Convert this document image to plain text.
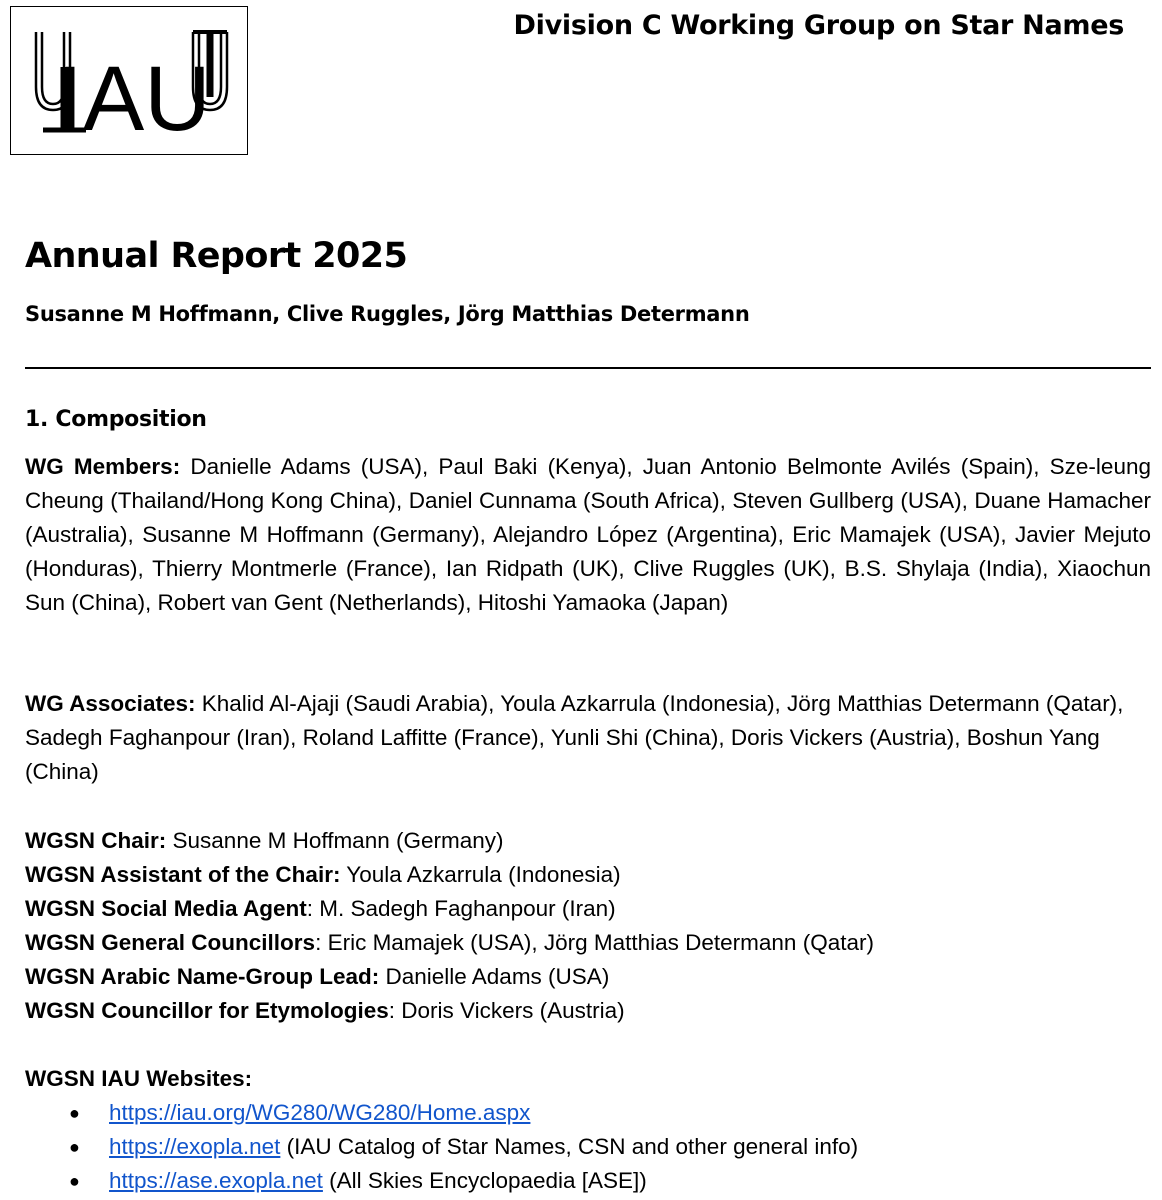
IAU
Division C Working Group on Star Names
Annual Report 2025
Susanne M Hoffmann, Clive Ruggles, Jörg Matthias Determann
1. Composition
WG Members: Danielle Adams (USA), Paul Baki (Kenya), Juan Antonio Belmonte Avilés (Spain), Sze-leung Cheung (Thailand/Hong Kong China), Daniel Cunnama (South Africa), Steven Gullberg (USA), Duane Hamacher (Australia), Susanne M Hoffmann (Germany), Alejandro López (Argentina), Eric Mamajek (USA), Javier Mejuto (Honduras), Thierry Montmerle (France), Ian Ridpath (UK), Clive Ruggles (UK), B.S. Shylaja (India), Xiaochun Sun (China), Robert van Gent (Netherlands), Hitoshi Yamaoka (Japan)
WG Associates: Khalid Al-Ajaji (Saudi Arabia), Youla Azkarrula (Indonesia), Jörg Matthias Determann (Qatar), Sadegh Faghanpour (Iran), Roland Laffitte (France), Yunli Shi (China), Doris Vickers (Austria), Boshun Yang (China)
WGSN Chair: Susanne M Hoffmann (Germany)
WGSN Assistant of the Chair: Youla Azkarrula (Indonesia)
WGSN Social Media Agent: M. Sadegh Faghanpour (Iran)
WGSN General Councillors: Eric Mamajek (USA), Jörg Matthias Determann (Qatar)
WGSN Arabic Name-Group Lead: Danielle Adams (USA)
WGSN Councillor for Etymologies: Doris Vickers (Austria)
WGSN IAU Websites:
● https://iau.org/WG280/WG280/Home.aspx
● https://exopla.net (IAU Catalog of Star Names, CSN and other general info)
● https://ase.exopla.net (All Skies Encyclopaedia [ASE])
